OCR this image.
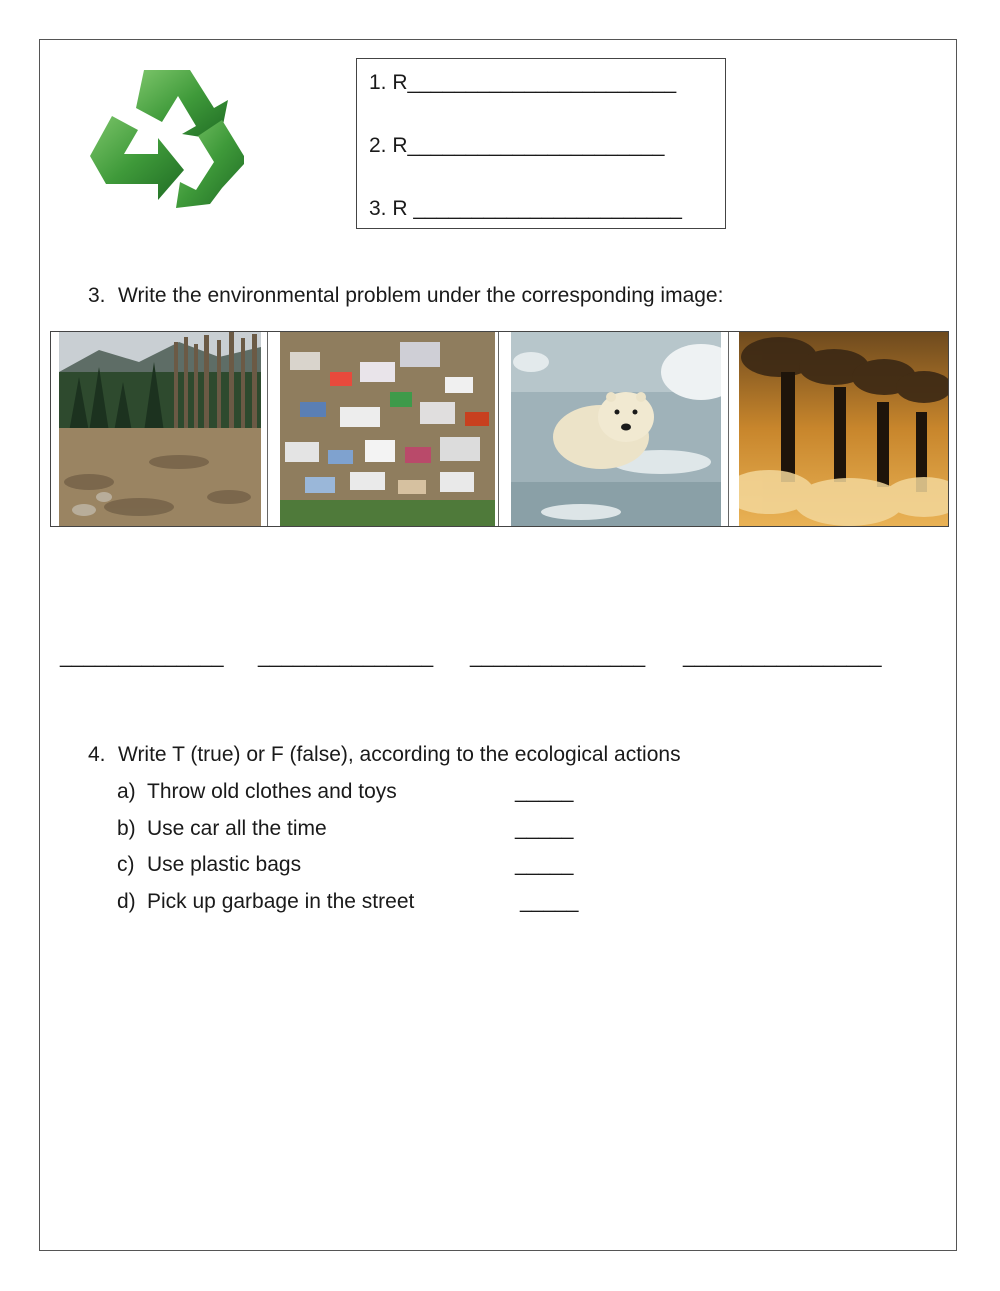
1. R_______________________
2. R______________________
3. R _______________________
3. Write the environmental problem under the corresponding image:
______________ _______________ _______________ _________________
4. Write T (true) or F (false), according to the ecological actions
a) Throw old clothes and toys	_____
b) Use car all the time	_____
c) Use plastic bags	_____
d) Pick up garbage in the street	_____
